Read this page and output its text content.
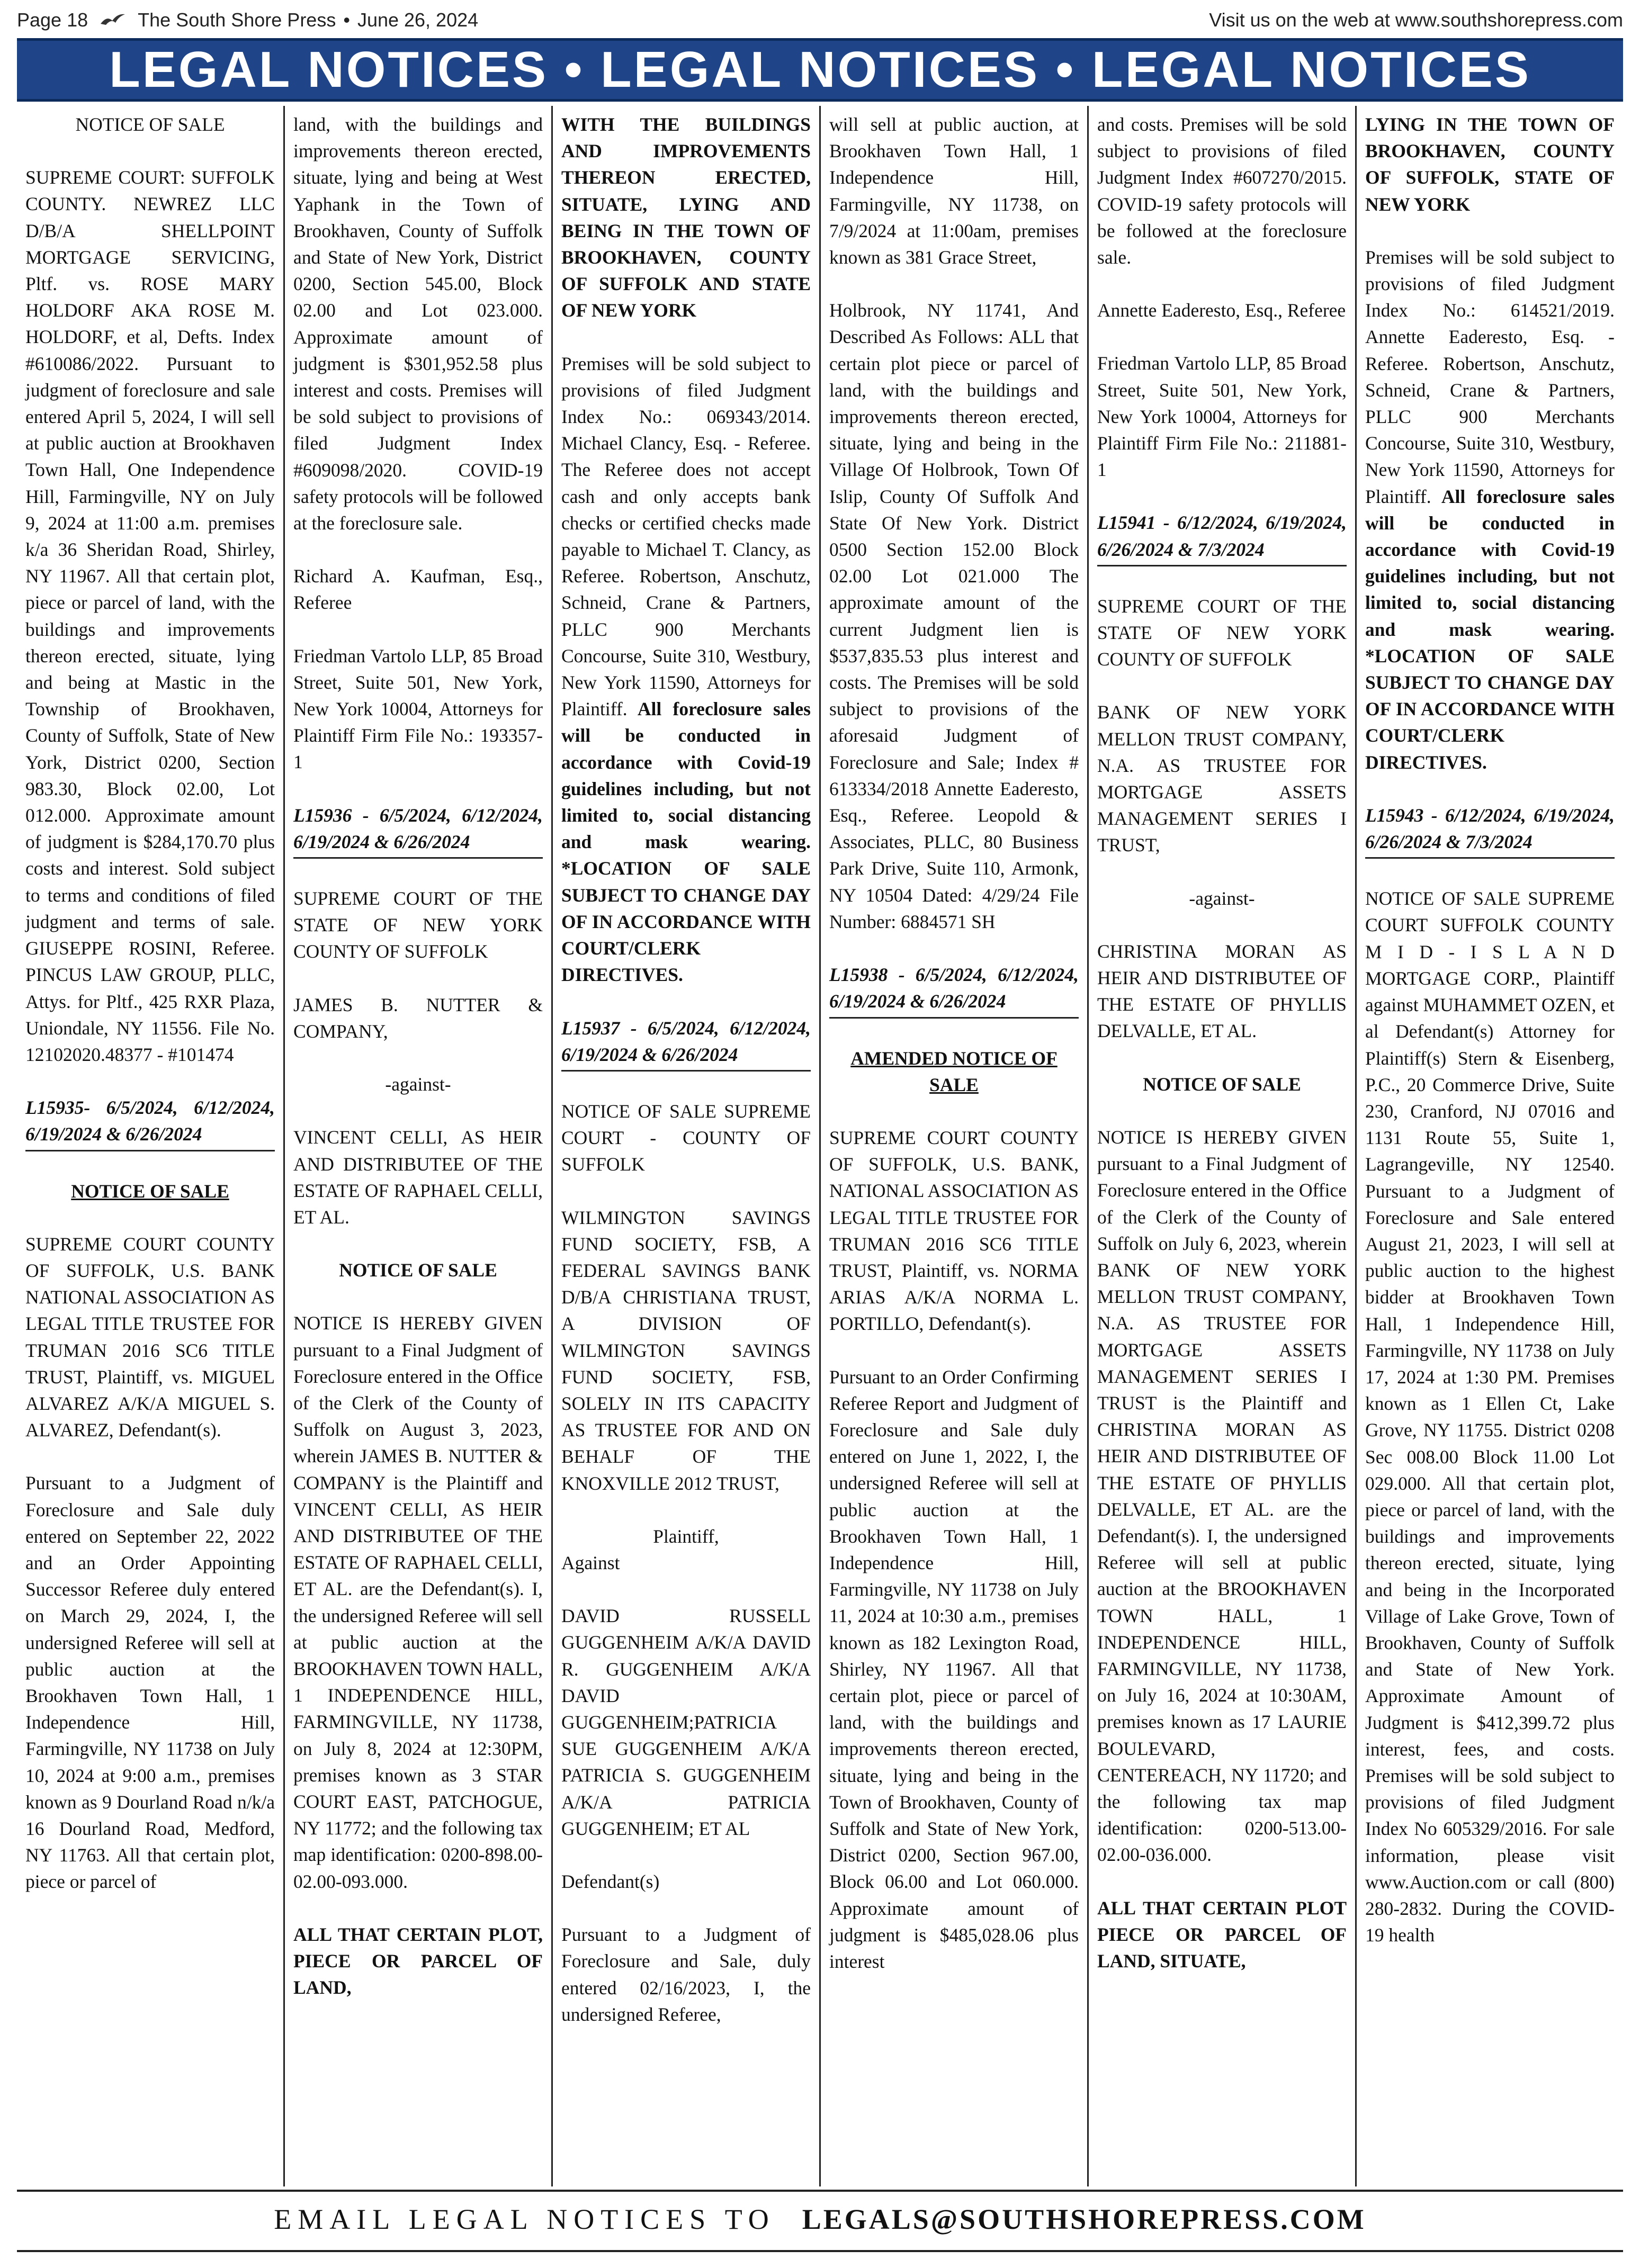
Page 18	The South Shore Press • June 26, 2024	Visit us on the web at www.southshorepress.com
LEGAL NOTICES • LEGAL NOTICES • LEGAL NOTICES

NOTICE OF SALE

SUPREME COURT: SUFFOLK COUNTY. NEWREZ LLC D/B/A SHELLPOINT MORTGAGE SERVICING, Pltf. vs. ROSE MARY HOLDORF AKA ROSE M. HOLDORF, et al, Defts. Index #610086/2022. Pursuant to judgment of foreclosure and sale entered April 5, 2024, I will sell at public auction at Brookhaven Town Hall, One Independence Hill, Farmingville, NY on July 9, 2024 at 11:00 a.m. premises k/a 36 Sheridan Road, Shirley, NY 11967. All that certain plot, piece or parcel of land, with the buildings and improvements thereon erected, situate, lying and being at Mastic in the Township of Brookhaven, County of Suffolk, State of New York, District 0200, Section 983.30, Block 02.00, Lot 012.000. Approximate amount of judgment is $284,170.70 plus costs and interest. Sold subject to terms and conditions of filed judgment and terms of sale. GIUSEPPE ROSINI, Referee. PINCUS LAW GROUP, PLLC, Attys. for Pltf., 425 RXR Plaza, Uniondale, NY 11556. File No. 12102020.48377 - #101474

L15935- 6/5/2024, 6/12/2024, 6/19/2024 & 6/26/2024

NOTICE OF SALE

SUPREME COURT COUNTY OF SUFFOLK, U.S. BANK NATIONAL ASSOCIATION AS LEGAL TITLE TRUSTEE FOR TRUMAN 2016 SC6 TITLE TRUST, Plaintiff, vs. MIGUEL ALVAREZ A/K/A MIGUEL S. ALVAREZ, Defendant(s).

Pursuant to a Judgment of Foreclosure and Sale duly entered on September 22, 2022 and an Order Appointing Successor Referee duly entered on March 29, 2024, I, the undersigned Referee will sell at public auction at the Brookhaven Town Hall, 1 Independence Hill, Farmingville, NY 11738 on July 10, 2024 at 9:00 a.m., premises known as 9 Dourland Road n/k/a 16 Dourland Road, Medford, NY 11763. All that certain plot, piece or parcel of

land, with the buildings and improvements thereon erected, situate, lying and being at West Yaphank in the Town of Brookhaven, County of Suffolk and State of New York, District 0200, Section 545.00, Block 02.00 and Lot 023.000. Approximate amount of judgment is $301,952.58 plus interest and costs. Premises will be sold subject to provisions of filed Judgment Index #609098/2020. COVID-19 safety protocols will be followed at the foreclosure sale.

Richard A. Kaufman, Esq., Referee

Friedman Vartolo LLP, 85 Broad Street, Suite 501, New York, New York 10004, Attorneys for Plaintiff Firm File No.: 193357-1

L15936 - 6/5/2024, 6/12/2024, 6/19/2024 & 6/26/2024

SUPREME COURT OF THE STATE OF NEW YORK COUNTY OF SUFFOLK

JAMES B. NUTTER & COMPANY,

-against-

VINCENT CELLI, AS HEIR AND DISTRIBUTEE OF THE ESTATE OF RAPHAEL CELLI, ET AL.

NOTICE OF SALE

NOTICE IS HEREBY GIVEN pursuant to a Final Judgment of Foreclosure entered in the Office of the Clerk of the County of Suffolk on August 3, 2023, wherein JAMES B. NUTTER & COMPANY is the Plaintiff and VINCENT CELLI, AS HEIR AND DISTRIBUTEE OF THE ESTATE OF RAPHAEL CELLI, ET AL. are the Defendant(s). I, the undersigned Referee will sell at public auction at the BROOKHAVEN TOWN HALL, 1 INDEPENDENCE HILL, FARMINGVILLE, NY 11738, on July 8, 2024 at 12:30PM, premises known as 3 STAR COURT EAST, PATCHOGUE, NY 11772; and the following tax map identification: 0200-898.00-02.00-093.000.

ALL THAT CERTAIN PLOT, PIECE OR PARCEL OF LAND,

WITH THE BUILDINGS AND IMPROVEMENTS THEREON ERECTED, SITUATE, LYING AND BEING IN THE TOWN OF BROOKHAVEN, COUNTY OF SUFFOLK AND STATE OF NEW YORK

Premises will be sold subject to provisions of filed Judgment Index No.: 069343/2014. Michael Clancy, Esq. - Referee. The Referee does not accept cash and only accepts bank checks or certified checks made payable to Michael T. Clancy, as Referee. Robertson, Anschutz, Schneid, Crane & Partners, PLLC 900 Merchants Concourse, Suite 310, Westbury, New York 11590, Attorneys for Plaintiff. All foreclosure sales will be conducted in accordance with Covid-19 guidelines including, but not limited to, social distancing and mask wearing. *LOCATION OF SALE SUBJECT TO CHANGE DAY OF IN ACCORDANCE WITH COURT/CLERK DIRECTIVES.

L15937 - 6/5/2024, 6/12/2024, 6/19/2024 & 6/26/2024

NOTICE OF SALE SUPREME COURT - COUNTY OF SUFFOLK

WILMINGTON SAVINGS FUND SOCIETY, FSB, A FEDERAL SAVINGS BANK D/B/A CHRISTIANA TRUST, A DIVISION OF WILMINGTON SAVINGS FUND SOCIETY, FSB, SOLELY IN ITS CAPACITY AS TRUSTEE FOR AND ON BEHALF OF THE KNOXVILLE 2012 TRUST,

Plaintiff,

Against

DAVID RUSSELL GUGGENHEIM A/K/A DAVID R. GUGGENHEIM A/K/A DAVID GUGGENHEIM;PATRICIA SUE GUGGENHEIM A/K/A PATRICIA S. GUGGENHEIM A/K/A PATRICIA GUGGENHEIM; ET AL

Defendant(s)

Pursuant to a Judgment of Foreclosure and Sale, duly entered 02/16/2023, I, the undersigned Referee,

will sell at public auction, at Brookhaven Town Hall, 1 Independence Hill, Farmingville, NY 11738, on 7/9/2024 at 11:00am, premises known as 381 Grace Street,

Holbrook, NY 11741, And Described As Follows: ALL that certain plot piece or parcel of land, with the buildings and improvements thereon erected, situate, lying and being in the Village Of Holbrook, Town Of Islip, County Of Suffolk And State Of New York. District 0500 Section 152.00 Block 02.00 Lot 021.000 The approximate amount of the current Judgment lien is $537,835.53 plus interest and costs. The Premises will be sold subject to provisions of the aforesaid Judgment of Foreclosure and Sale; Index # 613334/2018 Annette Eaderesto, Esq., Referee. Leopold & Associates, PLLC, 80 Business Park Drive, Suite 110, Armonk, NY 10504 Dated: 4/29/24 File Number: 6884571 SH

L15938 - 6/5/2024, 6/12/2024, 6/19/2024 & 6/26/2024

AMENDED NOTICE OF SALE

SUPREME COURT COUNTY OF SUFFOLK, U.S. BANK, NATIONAL ASSOCIATION AS LEGAL TITLE TRUSTEE FOR TRUMAN 2016 SC6 TITLE TRUST, Plaintiff, vs. NORMA ARIAS A/K/A NORMA L. PORTILLO, Defendant(s).

Pursuant to an Order Confirming Referee Report and Judgment of Foreclosure and Sale duly entered on June 1, 2022, I, the undersigned Referee will sell at public auction at the Brookhaven Town Hall, 1 Independence Hill, Farmingville, NY 11738 on July 11, 2024 at 10:30 a.m., premises known as 182 Lexington Road, Shirley, NY 11967. All that certain plot, piece or parcel of land, with the buildings and improvements thereon erected, situate, lying and being in the Town of Brookhaven, County of Suffolk and State of New York, District 0200, Section 967.00, Block 06.00 and Lot 060.000. Approximate amount of judgment is $485,028.06 plus interest

and costs. Premises will be sold subject to provisions of filed Judgment Index #607270/2015. COVID-19 safety protocols will be followed at the foreclosure sale.

Annette Eaderesto, Esq., Referee

Friedman Vartolo LLP, 85 Broad Street, Suite 501, New York, New York 10004, Attorneys for Plaintiff Firm File No.: 211881-1

L15941 - 6/12/2024, 6/19/2024, 6/26/2024 & 7/3/2024

SUPREME COURT OF THE STATE OF NEW YORK COUNTY OF SUFFOLK

BANK OF NEW YORK MELLON TRUST COMPANY, N.A. AS TRUSTEE FOR MORTGAGE ASSETS MANAGEMENT SERIES I TRUST,

-against-

CHRISTINA MORAN AS HEIR AND DISTRIBUTEE OF THE ESTATE OF PHYLLIS DELVALLE, ET AL.

NOTICE OF SALE

NOTICE IS HEREBY GIVEN pursuant to a Final Judgment of Foreclosure entered in the Office of the Clerk of the County of Suffolk on July 6, 2023, wherein BANK OF NEW YORK MELLON TRUST COMPANY, N.A. AS TRUSTEE FOR MORTGAGE ASSETS MANAGEMENT SERIES I TRUST is the Plaintiff and CHRISTINA MORAN AS HEIR AND DISTRIBUTEE OF THE ESTATE OF PHYLLIS DELVALLE, ET AL. are the Defendant(s). I, the undersigned Referee will sell at public auction at the BROOKHAVEN TOWN HALL, 1 INDEPENDENCE HILL, FARMINGVILLE, NY 11738, on July 16, 2024 at 10:30AM, premises known as 17 LAURIE BOULEVARD, CENTEREACH, NY 11720; and the following tax map identification: 0200-513.00-02.00-036.000.

ALL THAT CERTAIN PLOT PIECE OR PARCEL OF LAND, SITUATE,

LYING IN THE TOWN OF BROOKHAVEN, COUNTY OF SUFFOLK, STATE OF NEW YORK

Premises will be sold subject to provisions of filed Judgment Index No.: 614521/2019. Annette Eaderesto, Esq. - Referee. Robertson, Anschutz, Schneid, Crane & Partners, PLLC 900 Merchants Concourse, Suite 310, Westbury, New York 11590, Attorneys for Plaintiff. All foreclosure sales will be conducted in accordance with Covid-19 guidelines including, but not limited to, social distancing and mask wearing. *LOCATION OF SALE SUBJECT TO CHANGE DAY OF IN ACCORDANCE WITH COURT/CLERK DIRECTIVES.

L15943 - 6/12/2024, 6/19/2024, 6/26/2024 & 7/3/2024

NOTICE OF SALE SUPREME COURT SUFFOLK COUNTY M I D - I S L A N D MORTGAGE CORP., Plaintiff against MUHAMMET OZEN, et al Defendant(s) Attorney for Plaintiff(s) Stern & Eisenberg, P.C., 20 Commerce Drive, Suite 230, Cranford, NJ 07016 and 1131 Route 55, Suite 1, Lagrangeville, NY 12540. Pursuant to a Judgment of Foreclosure and Sale entered August 21, 2023, I will sell at public auction to the highest bidder at Brookhaven Town Hall, 1 Independence Hill, Farmingville, NY 11738 on July 17, 2024 at 1:30 PM. Premises known as 1 Ellen Ct, Lake Grove, NY 11755. District 0208 Sec 008.00 Block 11.00 Lot 029.000. All that certain plot, piece or parcel of land, with the buildings and improvements thereon erected, situate, lying and being in the Incorporated Village of Lake Grove, Town of Brookhaven, County of Suffolk and State of New York. Approximate Amount of Judgment is $412,399.72 plus interest, fees, and costs. Premises will be sold subject to provisions of filed Judgment Index No 605329/2016. For sale information, please visit www.Auction.com or call (800) 280-2832. During the COVID-19 health

EMAIL LEGAL NOTICES TO
LEGALS@SOUTHSHOREPRESS.COM
